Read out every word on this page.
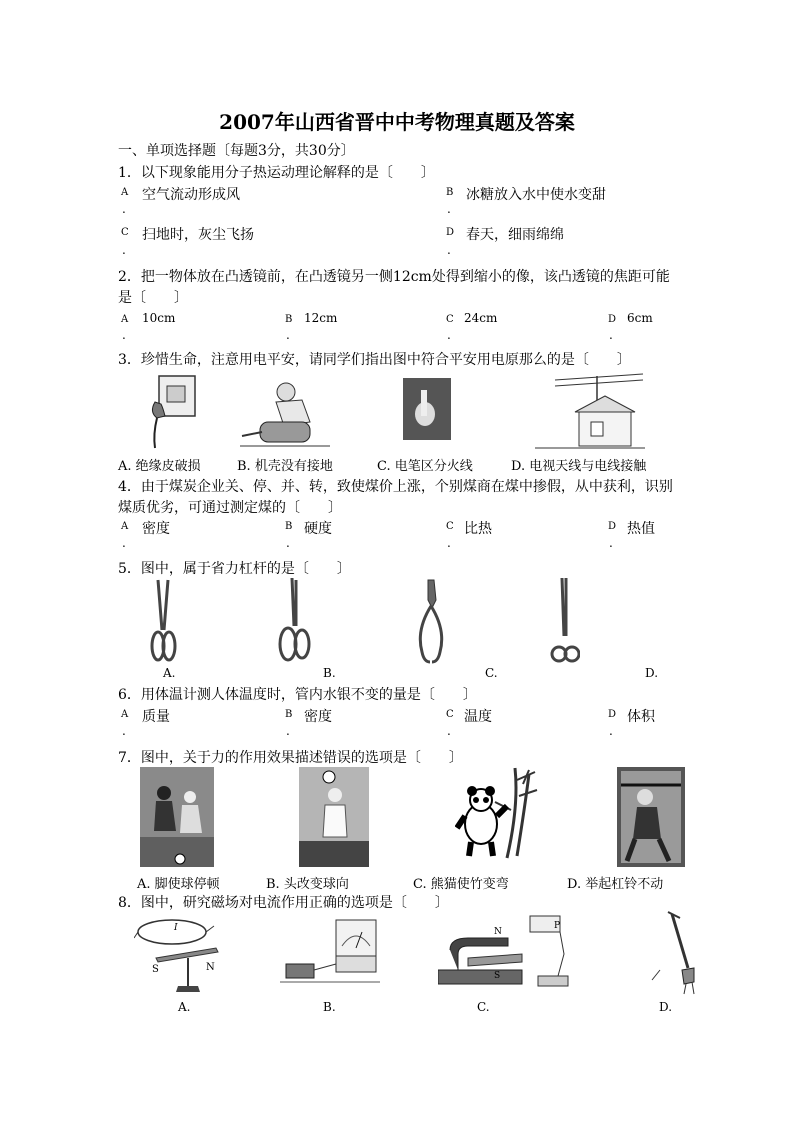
2007年山西省晋中中考物理真题及答案
一、单项选择题〔每题3分，共30分〕
1．以下现象能用分子热运动理论解释的是〔　　〕
A 空气流动形成风
.
B 冰糖放入水中使水变甜
.
C 扫地时，灰尘飞扬
.
D 春天，细雨绵绵
.
2．把一物体放在凸透镜前，在凸透镜另一侧12cm处得到缩小的像，该凸透镜的焦距可能
是〔　　〕
A 10cm
.
B 12cm
.
C 24cm
.
D 6cm
.
3．珍惜生命，注意用电平安，请同学们指出图中符合平安用电原那么的是〔　　〕
A. 绝缘皮破损	B. 机壳没有接地	C. 电笔区分火线	D. 电视天线与电线接触
4．由于煤炭企业关、停、并、转，致使煤价上涨，个别煤商在煤中掺假，从中获利，识别
煤质优劣，可通过测定煤的〔　　〕
A 密度
.
B 硬度
.
C 比热
.
D 热值
.
5．图中，属于省力杠杆的是〔　　〕
A.	B.	C.	D.
6．用体温计测人体温度时，管内水银不变的量是〔　　〕
A 质量
.
B 密度
.
C 温度
.
D 体积
.
7．图中，关于力的作用效果描述错误的选项是〔　　〕
A. 脚使球停顿	B. 头改变球向	C. 熊猫使竹变弯	D. 举起杠铃不动
8．图中，研究磁场对电流作用正确的选项是〔　　〕
S	N
I	N
S
P
A.	B.	C.	D.
